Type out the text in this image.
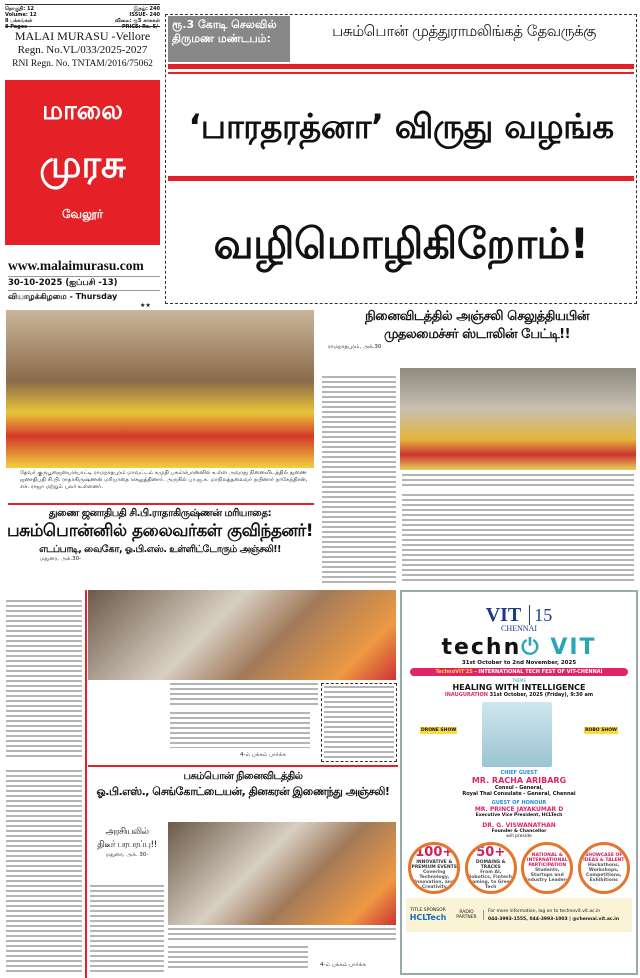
தொகுதி: 12
Volume: 12
8 பக்கங்கள்
8 Pages
இதழ்: 240
ISSUE- 240
விலை: ரூ5 காசுகள்
PRICE: Rs. 5/-
MALAI MURASU -Vellore
Regn. No.VL/033/2025-2027
RNI Regn. No. TNTAM/2016/75062
மாலை
முரசு
வேலூர்
www.malaimurasu.com
30-10-2025 (ஐப்பசி -13)
வியாழக்கிழமை - Thursday
★★
ரூ.3 கோடி செலவில் திருமண மண்டபம்:	பசும்பொன் முத்துராமலிங்கத் தேவருக்கு
‘பாரதரத்னா’ விருது வழங்க
வழிமொழிகிறோம்!
தேவர் குருபூஜையையொட்டி ராமநாதபுரம் மாவட்டம் கமுதி பசும்பொன்னில் உள்ள அவரது நினைவிடத்தில் துணை ஜனாதிபதி சி.பி. ராதாகிருஷ்ணன் மரியாதை செலுத்தினார். அருகில் பா.ஜ.க. மாநிலத்தலைவர் நயினார் நாகேந்திரன், எச். ராஜா மற்றும் பலர் உள்ளனர்.
நினைவிடத்தில் அஞ்சலி செலுத்தியபின்
முதலமைச்சர் ஸ்டாலின் பேட்டி!!
ராமநாதபுரம், அக்.30
துணை ஜனாதிபதி சி.பி.ராதாகிருஷ்ணன் மரியாதை:
பசும்பொன்னில் தலைவர்கள் குவிந்தனர்!
எடப்பாடி, வைகோ, ஓ.பி.எஸ். உள்ளிட்டோரும் அஞ்சலி!!
மதுரை, அக்.30-
4-ம் பக்கம் பார்க்க
பசும்பொன் நினைவிடத்தில்
ஓ.பி.எஸ்., செங்கோட்டையன், தினகரன் இணைந்து அஞ்சலி!
அரசியலில்
திடீர் பரபரப்பு!!
மதுரை, அக். 30-
4-ம் பக்கம் பார்க்க
VIT 15
CHENNAI
techn⏻ VIT
31st October to 2nd November, 2025
TechnoVIT'25 - INTERNATIONAL TECH FEST OF VIT-CHENNAI
THEME
HEALING WITH INTELLIGENCE
INAUGURATION 31st October, 2025 (Friday), 9:30 am
DRONE SHOW	ROBO SHOW
CHIEF GUEST
MR. RACHA ARIBARG
Consul - General,
Royal Thai Consulate - General, Chennai
GUEST OF HONOUR
MR. PRINCE JAYAKUMAR D
Executive Vice President, HCLTech
DR. G. VISWANATHAN
Founder & Chancellor
will preside
100+
INNOVATIVE & PREMIUM EVENTS
Covering Technology, Innovation, and Creativity
50+
DOMAINS & TRACKS
From AI, Robotics, Fintech, Gaming, to Green Tech
NATIONAL & INTERNATIONAL PARTICIPATION
Students, Startups and Industry Leaders
SHOWCASE OF IDEAS & TALENT
Hackathons, Workshops, Competitions, Exhibitions
TITLE SPONSOR
HCLTech
RADIO PARTNER
For more information, log on to technovit.vit.ac.in
044-3993-1555, 044-3993-1003 | @chennai.vit.ac.in
